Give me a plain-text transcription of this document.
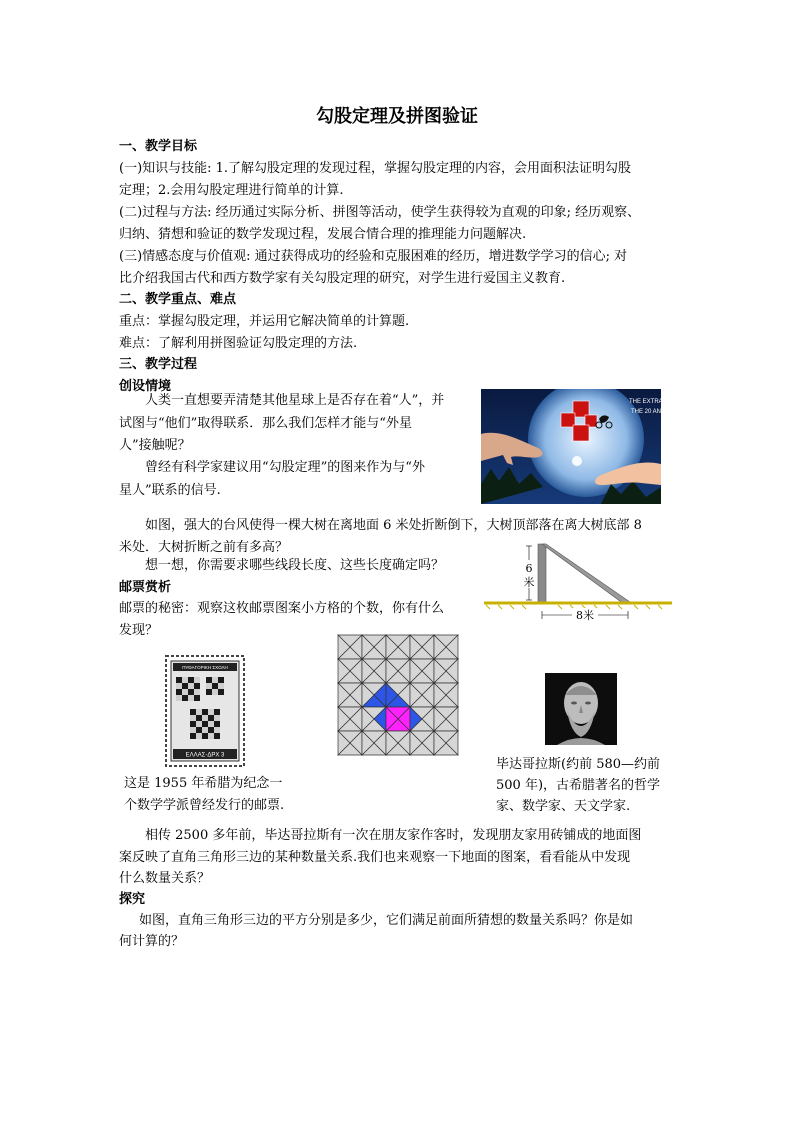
勾股定理及拼图验证
一、教学目标
(一)知识与技能: 1.了解勾股定理的发现过程，掌握勾股定理的内容，会用面积法证明勾股
定理；2.会用勾股定理进行简单的计算.
(二)过程与方法: 经历通过实际分析、拼图等活动，使学生获得较为直观的印象; 经历观察、
归纳、猜想和验证的数学发现过程，发展合情合理的推理能力问题解决.
(三)情感态度与价值观: 通过获得成功的经验和克服困难的经历，增进数学学习的信心; 对
比介绍我国古代和西方数学家有关勾股定理的研究，对学生进行爱国主义教育.
二、教学重点、难点
重点：掌握勾股定理，并运用它解决简单的计算题.
难点：了解利用拼图验证勾股定理的方法.
三、教学过程
创设情境
人类一直想要弄清楚其他星球上是否存在着“人”，并
试图与“他们”取得联系．那么我们怎样才能与“外星
人”接触呢？
曾经有科学家建议用“勾股定理”的图来作为与“外
星人”联系的信号.
THE EXTRA
THE 20 AN
如图，强大的台风使得一棵大树在离地面 6 米处折断倒下，大树顶部落在离大树底部 8
米处．大树折断之前有多高？
想一想，你需要求哪些线段长度、这些长度确定吗？	6
米
8米
邮票赏析
邮票的秘密：观察这枚邮票图案小方格的个数，你有什么
发现？
ΠΥΘΑΓΟΡΙΚΗ ΣΧΟΛΗ
ΕΛΛΑΣ-ΔΡΧ 3
这是 1955 年希腊为纪念一
个数学学派曾经发行的邮票.
毕达哥拉斯(约前 580—约前
500 年)，古希腊著名的哲学
家、数学家、天文学家.
相传 2500 多年前，毕达哥拉斯有一次在朋友家作客时，发现朋友家用砖铺成的地面图
案反映了直角三角形三边的某种数量关系.我们也来观察一下地面的图案，看看能从中发现
什么数量关系？
探究
如图，直角三角形三边的平方分别是多少，它们满足前面所猜想的数量关系吗？你是如
何计算的？
